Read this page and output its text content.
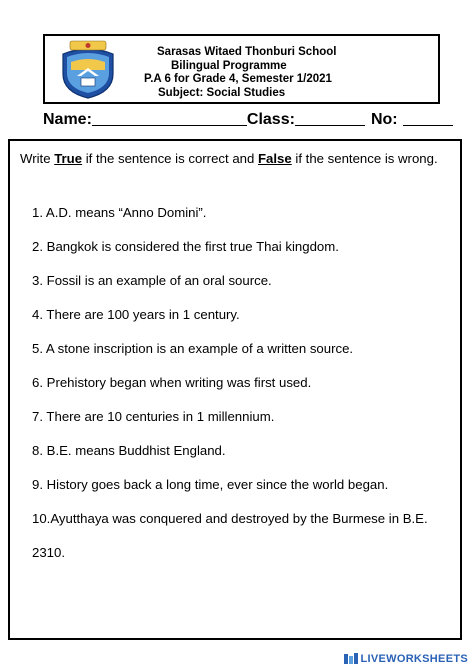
Sarasas Witaed Thonburi School
Bilingual Programme
P.A 6 for Grade 4, Semester 1/2021
Subject: Social Studies
Name:	Class:	No:
Write True if the sentence is correct and False if the sentence is wrong.
1. A.D. means “Anno Domini”.
2. Bangkok is considered the first true Thai kingdom.
3. Fossil is an example of an oral source.
4. There are 100 years in 1 century.
5. A stone inscription is an example of a written source.
6. Prehistory began when writing was first used.
7. There are 10 centuries in 1 millennium.
8. B.E. means Buddhist England.
9. History goes back a long time, ever since the world began.
10.Ayutthaya was conquered and destroyed by the Burmese in B.E.
2310.
LIVEWORKSHEETS
